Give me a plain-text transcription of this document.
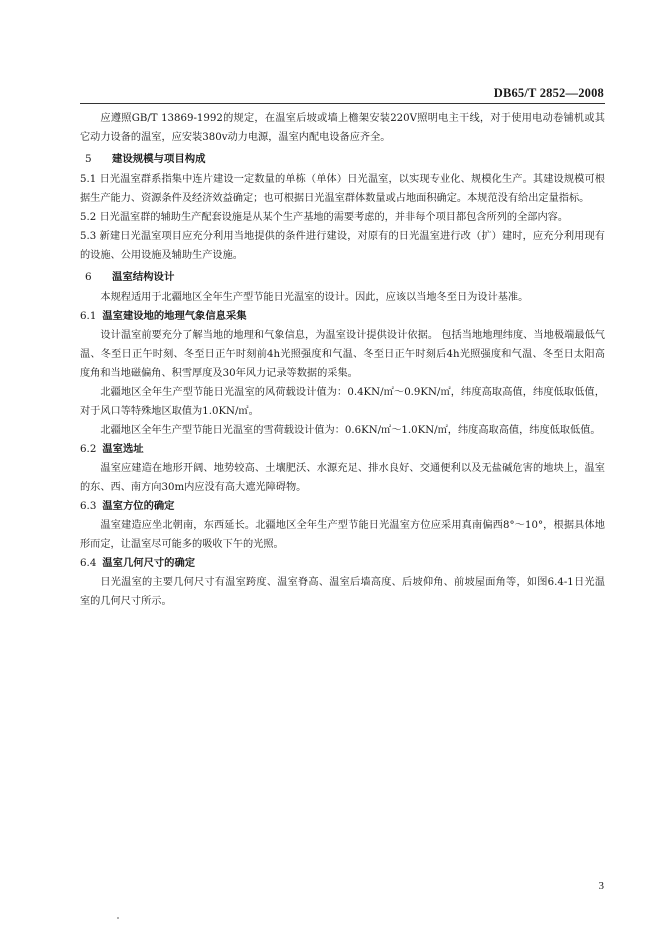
DB65/T 2852—2008

应遵照GB/T 13869-1992的规定，在温室后坡或墙上檐架安装220V照明电主干线，对于使用电动卷铺机或其它动力设备的温室，应安装380v动力电源，温室内配电设备应齐全。

5 建设规模与项目构成

5.1 日光温室群系指集中连片建设一定数量的单栋（单体）日光温室，以实现专业化、规模化生产。其建设规模可根据生产能力、资源条件及经济效益确定；也可根据日光温室群体数量或占地面积确定。本规范没有给出定量指标。

5.2 日光温室群的辅助生产配套设施是从某个生产基地的需要考虑的，并非每个项目都包含所列的全部内容。

5.3 新建日光温室项目应充分利用当地提供的条件进行建设，对原有的日光温室进行改（扩）建时，应充分利用现有的设施、公用设施及辅助生产设施。

6 温室结构设计

本规程适用于北疆地区全年生产型节能日光温室的设计。因此，应该以当地冬至日为设计基准。

6.1 温室建设地的地理气象信息采集

设计温室前要充分了解当地的地理和气象信息，为温室设计提供设计依据。 包括当地地理纬度、当地极端最低气温、冬至日正午时刻、冬至日正午时刻前4h光照强度和气温、冬至日正午时刻后4h光照强度和气温、冬至日太阳高度角和当地磁偏角、积雪厚度及30年风力记录等数据的采集。

北疆地区全年生产型节能日光温室的风荷载设计值为：0.4KN/㎡～0.9KN/㎡，纬度高取高值，纬度低取低值，对于风口等特殊地区取值为1.0KN/㎡。

北疆地区全年生产型节能日光温室的雪荷载设计值为：0.6KN/㎡～1.0KN/㎡，纬度高取高值，纬度低取低值。

6.2 温室选址

温室应建造在地形开阔、地势较高、土壤肥沃、水源充足、排水良好、交通便利以及无盐碱危害的地块上，温室的东、西、南方向30m内应没有高大遮光障碍物。

6.3 温室方位的确定

温室建造应坐北朝南，东西延长。北疆地区全年生产型节能日光温室方位应采用真南偏西8°～10°，根据具体地形而定，让温室尽可能多的吸收下午的光照。

6.4 温室几何尺寸的确定

日光温室的主要几何尺寸有温室跨度、温室脊高、温室后墙高度、后坡仰角、前坡屋面角等，如图6.4-1日光温室的几何尺寸所示。

3
